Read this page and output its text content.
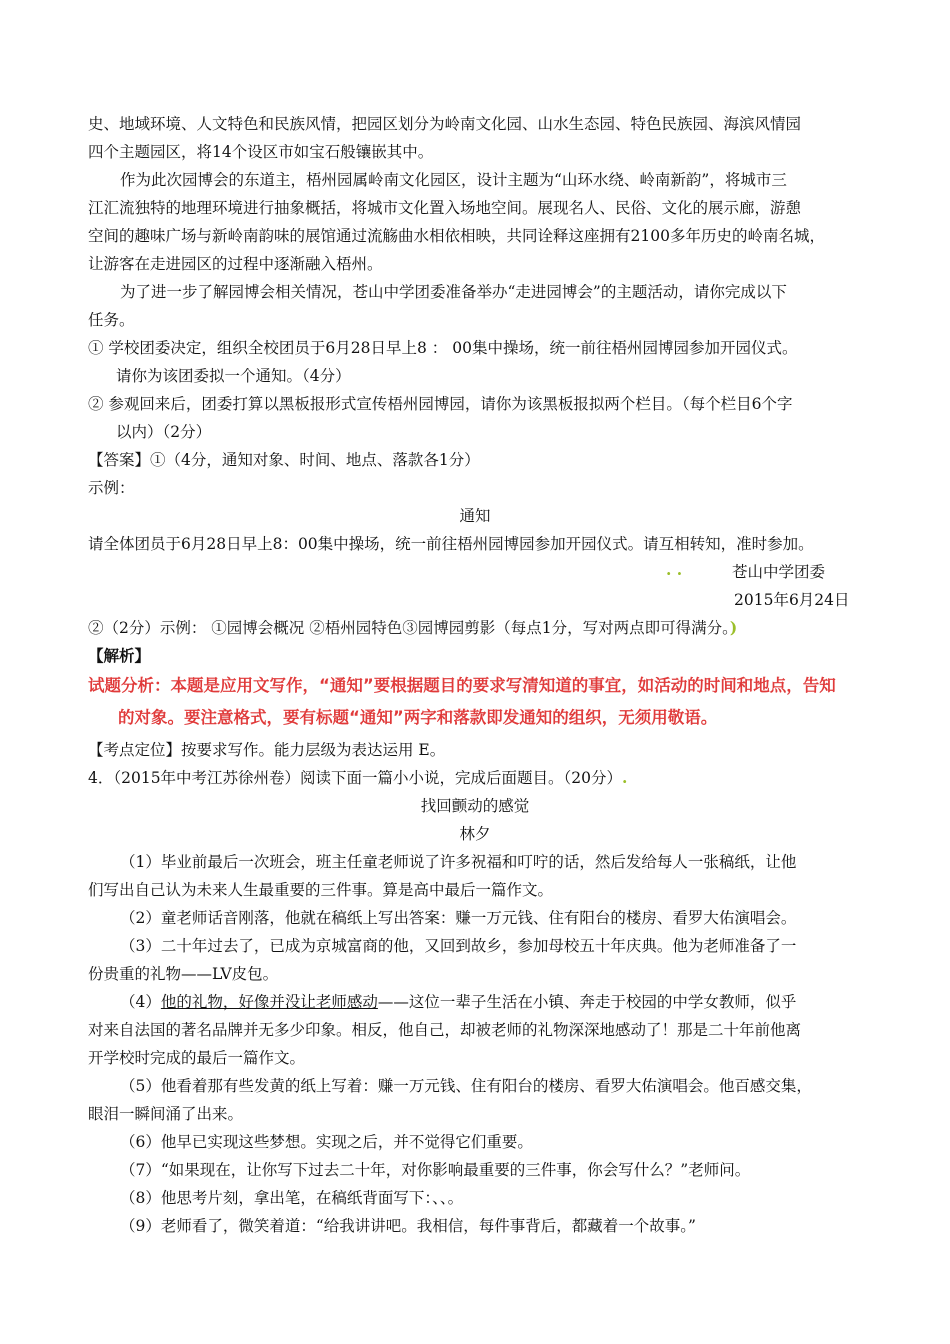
史、地域环境、人文特色和民族风情，把园区划分为岭南文化园、山水生态园、特色民族园、海滨风情园
四个主题园区，将14个设区市如宝石般镶嵌其中。
作为此次园博会的东道主，梧州园属岭南文化园区，设计主题为“山环水绕、岭南新韵”，将城市三
江汇流独特的地理环境进行抽象概括，将城市文化置入场地空间。展现名人、民俗、文化的展示廊，游憩
空间的趣味广场与新岭南韵味的展馆通过流觞曲水相依相映，共同诠释这座拥有2100多年历史的岭南名城，
让游客在走进园区的过程中逐渐融入梧州。
为了进一步了解园博会相关情况，苍山中学团委准备举办“走进园博会”的主题活动，请你完成以下
任务。
① 学校团委决定，组织全校团员于6月28日早上8 ： 00集中操场，统一前往梧州园博园参加开园仪式。
请你为该团委拟一个通知。（4分）
② 参观回来后，团委打算以黑板报形式宣传梧州园博园，请你为该黑板报拟两个栏目。（每个栏目6个字
以内）（2分）
【答案】①（4分，通知对象、时间、地点、落款各1分）
示例：
通知
请全体团员于6月28日早上8：00集中操场，统一前往梧州园博园参加开园仪式。请互相转知，准时参加。
. .	苍山中学团委
2015年6月24日
②（2分）示例： ①园博会概况 ②梧州园特色③园博园剪影（每点1分，写对两点即可得满分。)
【解析】
试题分析：本题是应用文写作，“通知”要根据题目的要求写清知道的事宜，如活动的时间和地点，告知
的对象。要注意格式，要有标题“通知”两字和落款即发通知的组织，无须用敬语。
【考点定位】按要求写作。能力层级为表达运用 E。
4．（2015年中考江苏徐州卷）阅读下面一篇小小说，完成后面题目。（20分）.
找回颤动的感觉
林夕
（1）毕业前最后一次班会，班主任童老师说了许多祝福和叮咛的话，然后发给每人一张稿纸，让他
们写出自己认为未来人生最重要的三件事。算是高中最后一篇作文。
（2）童老师话音刚落，他就在稿纸上写出答案：赚一万元钱、住有阳台的楼房、看罗大佑演唱会。
（3）二十年过去了，已成为京城富商的他，又回到故乡，参加母校五十年庆典。他为老师准备了一
份贵重的礼物——LV皮包。
（4）他的礼物，好像并没让老师感动——这位一辈子生活在小镇、奔走于校园的中学女教师，似乎
对来自法国的著名品牌并无多少印象。相反，他自己，却被老师的礼物深深地感动了！那是二十年前他离
开学校时完成的最后一篇作文。
（5）他看着那有些发黄的纸上写着：赚一万元钱、住有阳台的楼房、看罗大佑演唱会。他百感交集，
眼泪一瞬间涌了出来。
（6）他早已实现这些梦想。实现之后，并不觉得它们重要。
（7）“如果现在，让你写下过去二十年，对你影响最重要的三件事，你会写什么？”老师问。
（8）他思考片刻，拿出笔，在稿纸背面写下：、、。
（9）老师看了，微笑着道：“给我讲讲吧。我相信，每件事背后，都藏着一个故事。”
